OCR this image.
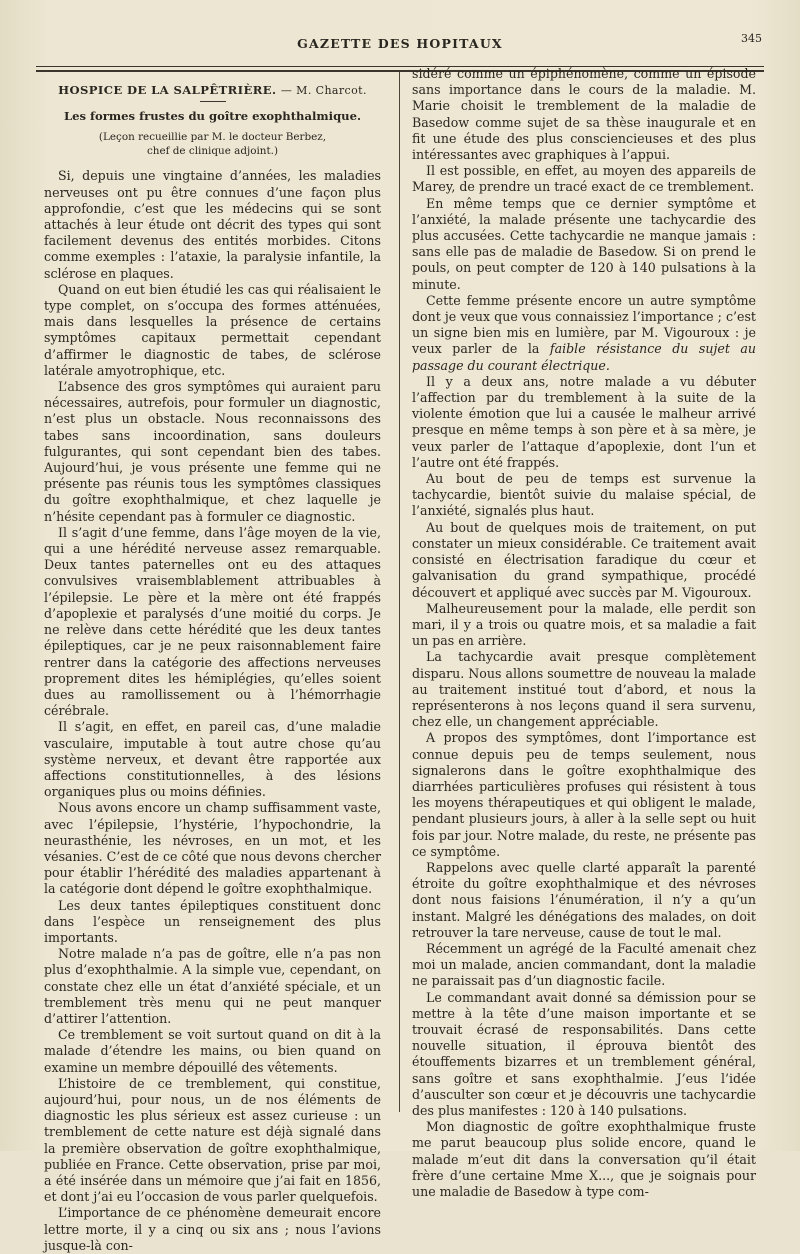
GAZETTE DES HOPITAUX	345
HOSPICE DE LA SALPÊTRIÈRE. — M. Charcot.
Les formes frustes du goître exophthalmique.
(Leçon recueillie par M. le docteur Berbez,
chef de clinique adjoint.)

Si, depuis une vingtaine d’années, les maladies nerveuses ont pu être connues d’une façon plus approfondie, c’est que les médecins qui se sont attachés à leur étude ont décrit des types qui sont facilement devenus des entités morbides. Citons comme exemples : l’ataxie, la paralysie infantile, la sclérose en plaques.

Quand on eut bien étudié les cas qui réalisaient le type complet, on s’occupa des formes atténuées, mais dans lesquelles la présence de certains symptômes capitaux permettait cependant d’affirmer le diagnostic de tabes, de sclérose latérale amyotrophique, etc.

L’absence des gros symptômes qui auraient paru nécessaires, autrefois, pour formuler un diagnostic, n’est plus un obstacle. Nous reconnaissons des tabes sans incoordination, sans douleurs fulgurantes, qui sont cependant bien des tabes. Aujourd’hui, je vous présente une femme qui ne présente pas réunis tous les symptômes classiques du goître exophthalmique, et chez laquelle je n’hésite cependant pas à formuler ce diagnostic.

Il s’agit d’une femme, dans l’âge moyen de la vie, qui a une hérédité nerveuse assez remarquable. Deux tantes paternelles ont eu des attaques convulsives vraisemblablement attribuables à l’épilepsie. Le père et la mère ont été frappés d’apoplexie et paralysés d’une moitié du corps. Je ne relève dans cette hérédité que les deux tantes épileptiques, car je ne peux raisonnablement faire rentrer dans la catégorie des affections nerveuses proprement dites les hémiplégies, qu’elles soient dues au ramollissement ou à l’hémorrhagie cérébrale.

Il s’agit, en effet, en pareil cas, d’une maladie vasculaire, imputable à tout autre chose qu’au système nerveux, et devant être rapportée aux affections constitutionnelles, à des lésions organiques plus ou moins définies.

Nous avons encore un champ suffisamment vaste, avec l’épilepsie, l’hystérie, l’hypochondrie, la neurasthénie, les névroses, en un mot, et les vésanies. C’est de ce côté que nous devons chercher pour établir l’hérédité des maladies appartenant à la catégorie dont dépend le goître exophthalmique.

Les deux tantes épileptiques constituent donc dans l’espèce un renseignement des plus importants.

Notre malade n’a pas de goître, elle n’a pas non plus d’exophthalmie. A la simple vue, cependant, on constate chez elle un état d’anxiété spéciale, et un tremblement très menu qui ne peut manquer d’attirer l’attention.

Ce tremblement se voit surtout quand on dit à la malade d’étendre les mains, ou bien quand on examine un membre dépouillé des vêtements.

L’histoire de ce tremblement, qui constitue, aujourd’hui, pour nous, un de nos éléments de diagnostic les plus sérieux est assez curieuse : un tremblement de cette nature est déjà signalé dans la première observation de goître exophthalmique, publiée en France. Cette observation, prise par moi, a été insérée dans un mémoire que j’ai fait en 1856, et dont j’ai eu l’occasion de vous parler quelquefois.

L’importance de ce phénomène demeurait encore lettre morte, il y a cinq ou six ans ; nous l’avions jusque-là con-

sidéré comme un épiphénomène, comme un épisode sans importance dans le cours de la maladie. M. Marie choisit le tremblement de la maladie de Basedow comme sujet de sa thèse inaugurale et en fit une étude des plus consciencieuses et des plus intéressantes avec graphiques à l’appui.

Il est possible, en effet, au moyen des appareils de Marey, de prendre un tracé exact de ce tremblement.

En même temps que ce dernier symptôme et l’anxiété, la malade présente une tachycardie des plus accusées. Cette tachycardie ne manque jamais : sans elle pas de maladie de Basedow. Si on prend le pouls, on peut compter de 120 à 140 pulsations à la minute.

Cette femme présente encore un autre symptôme dont je veux que vous connaissiez l’importance ; c’est un signe bien mis en lumière, par M. Vigouroux : je veux parler de la faible résistance du sujet au passage du courant électrique.

Il y a deux ans, notre malade a vu débuter l’affection par du tremblement à la suite de la violente émotion que lui a causée le malheur arrivé presque en même temps à son père et à sa mère, je veux parler de l’attaque d’apoplexie, dont l’un et l’autre ont été frappés.

Au bout de peu de temps est survenue la tachycardie, bientôt suivie du malaise spécial, de l’anxiété, signalés plus haut.

Au bout de quelques mois de traitement, on put constater un mieux considérable. Ce traitement avait consisté en électrisation faradique du cœur et galvanisation du grand sympathique, procédé découvert et appliqué avec succès par M. Vigouroux.

Malheureusement pour la malade, elle perdit son mari, il y a trois ou quatre mois, et sa maladie a fait un pas en arrière.

La tachycardie avait presque complètement disparu. Nous allons soumettre de nouveau la malade au traitement institué tout d’abord, et nous la représenterons à nos leçons quand il sera survenu, chez elle, un changement appréciable.

A propos des symptômes, dont l’importance est connue depuis peu de temps seulement, nous signalerons dans le goître exophthalmique des diarrhées particulières profuses qui résistent à tous les moyens thérapeutiques et qui obligent le malade, pendant plusieurs jours, à aller à la selle sept ou huit fois par jour. Notre malade, du reste, ne présente pas ce symptôme.

Rappelons avec quelle clarté apparaît la parenté étroite du goître exophthalmique et des névroses dont nous faisions l’énumération, il n’y a qu’un instant. Malgré les dénégations des malades, on doit retrouver la tare nerveuse, cause de tout le mal.

Récemment un agrégé de la Faculté amenait chez moi un malade, ancien commandant, dont la maladie ne paraissait pas d’un diagnostic facile.

Le commandant avait donné sa démission pour se mettre à la tête d’une maison importante et se trouvait écrasé de responsabilités. Dans cette nouvelle situation, il éprouva bientôt des étouffements bizarres et un tremblement général, sans goître et sans exophthalmie. J’eus l’idée d’ausculter son cœur et je découvris une tachycardie des plus manifestes : 120 à 140 pulsations.

Mon diagnostic de goître exophthalmique fruste me parut beaucoup plus solide encore, quand le malade m’eut dit dans la conversation qu’il était frère d’une certaine Mme X..., que je soignais pour une maladie de Basedow à type com-
